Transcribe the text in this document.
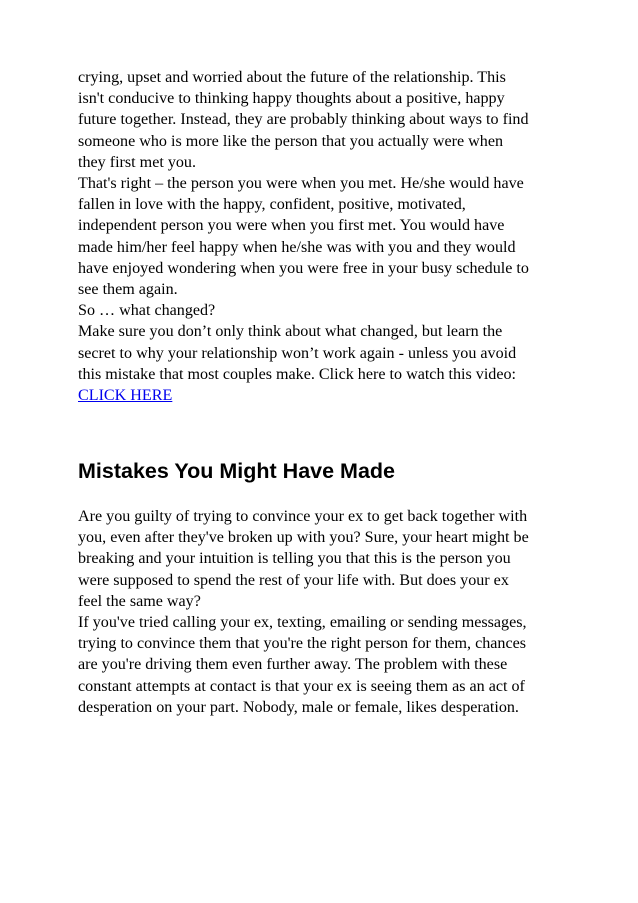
crying, upset and worried about the future of the relationship. This
isn't conducive to thinking happy thoughts about a positive, happy
future together. Instead, they are probably thinking about ways to find
someone who is more like the person that you actually were when
they first met you.

That's right – the person you were when you met. He/she would have
fallen in love with the happy, confident, positive, motivated,
independent person you were when you first met. You would have
made him/her feel happy when he/she was with you and they would
have enjoyed wondering when you were free in your busy schedule to
see them again.

So … what changed?

Make sure you don’t only think about what changed, but learn the
secret to why your relationship won’t work again - unless you avoid
this mistake that most couples make. Click here to watch this video:

CLICK HERE
Mistakes You Might Have Made

Are you guilty of trying to convince your ex to get back together with
you, even after they've broken up with you? Sure, your heart might be
breaking and your intuition is telling you that this is the person you
were supposed to spend the rest of your life with. But does your ex
feel the same way?

If you've tried calling your ex, texting, emailing or sending messages,
trying to convince them that you're the right person for them, chances
are you're driving them even further away. The problem with these
constant attempts at contact is that your ex is seeing them as an act of
desperation on your part. Nobody, male or female, likes desperation.
